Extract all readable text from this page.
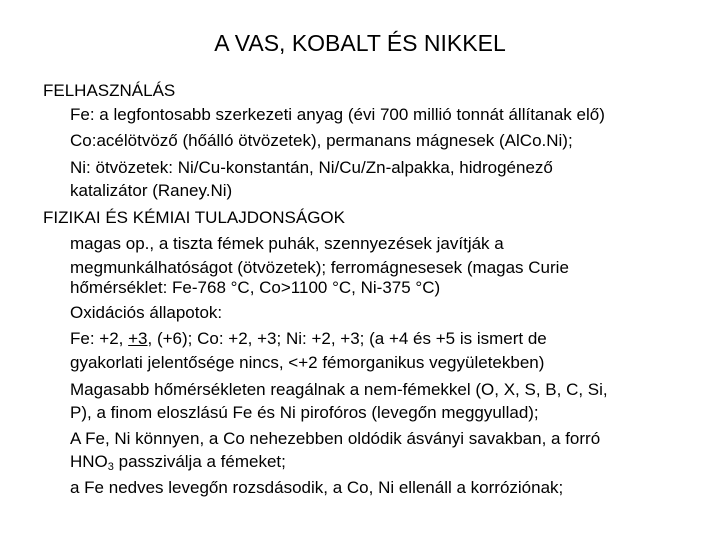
A VAS, KOBALT ÉS NIKKEL
FELHASZNÁLÁS
Fe: a legfontosabb szerkezeti anyag (évi 700 millió tonnát állítanak elő)
Co:acélötvöző (hőálló ötvözetek), permanans mágnesek (AlCo.Ni);
Ni: ötvözetek: Ni/Cu-konstantán, Ni/Cu/Zn-alpakka, hidrogénező
katalizátor (Raney.Ni)
FIZIKAI ÉS KÉMIAI TULAJDONSÁGOK
magas op., a tiszta fémek puhák, szennyezések javítják a
megmunkálhatóságot (ötvözetek); ferromágnesesek (magas Curie
hőmérséklet: Fe-768 °C, Co>1100 °C, Ni-375 °C)
Oxidációs állapotok:
Fe: +2, +3, (+6); Co: +2, +3; Ni: +2, +3; (a +4 és +5 is ismert de
gyakorlati jelentősége nincs, <+2 fémorganikus vegyületekben)
Magasabb hőmérsékleten reagálnak a nem-fémekkel (O, X, S, B, C, Si,
P), a finom eloszlású Fe és Ni pirofóros (levegőn meggyullad);
A Fe, Ni könnyen, a Co nehezebben oldódik ásványi savakban, a forró
$HNO_3$ passziválja a fémeket;
a Fe nedves levegőn rozsdásodik, a Co, Ni ellenáll a korróziónak;
